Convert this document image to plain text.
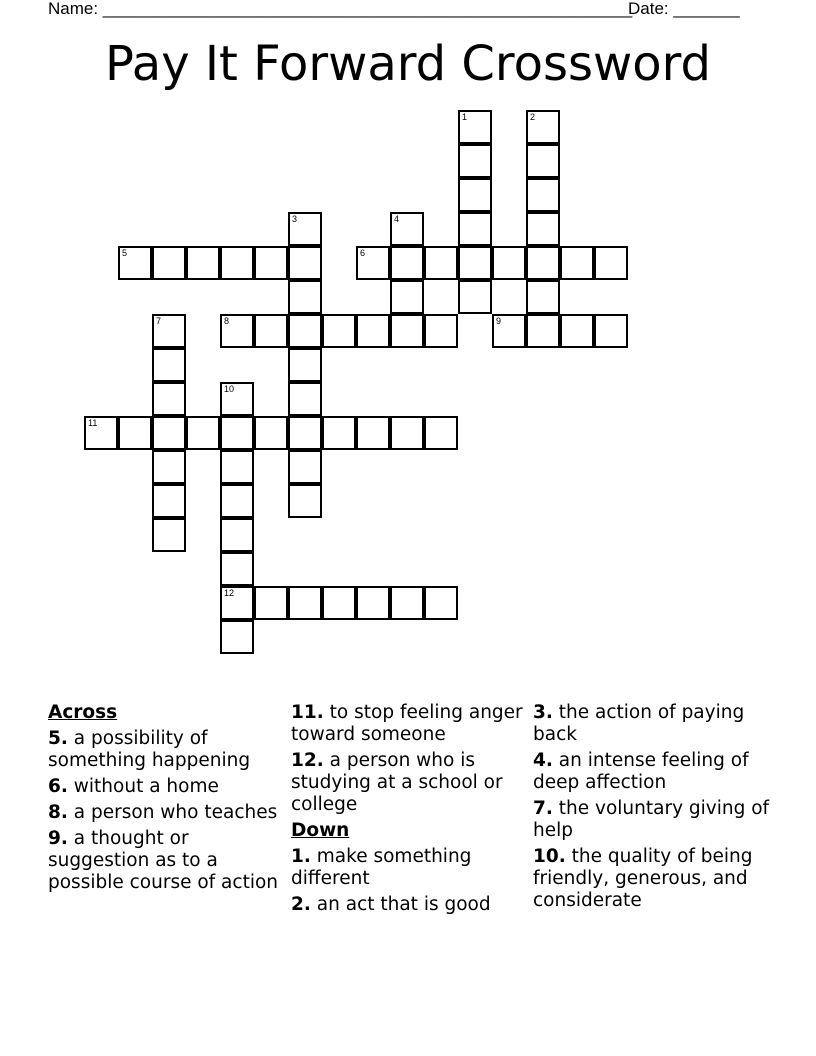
Name: ________________________________________________________
Date: _______
Pay It Forward Crossword
5	6
8	9
11
12
1	2
3	4
7
10
Across
5. a possibility of something happening
6. without a home
8. a person who teaches
9. a thought or suggestion as to a possible course of action
11. to stop feeling anger toward someone
12. a person who is studying at a school or college
Down
1. make something different
2. an act that is good
3. the action of paying back
4. an intense feeling of deep affection
7. the voluntary giving of help
10. the quality of being friendly, generous, and considerate
